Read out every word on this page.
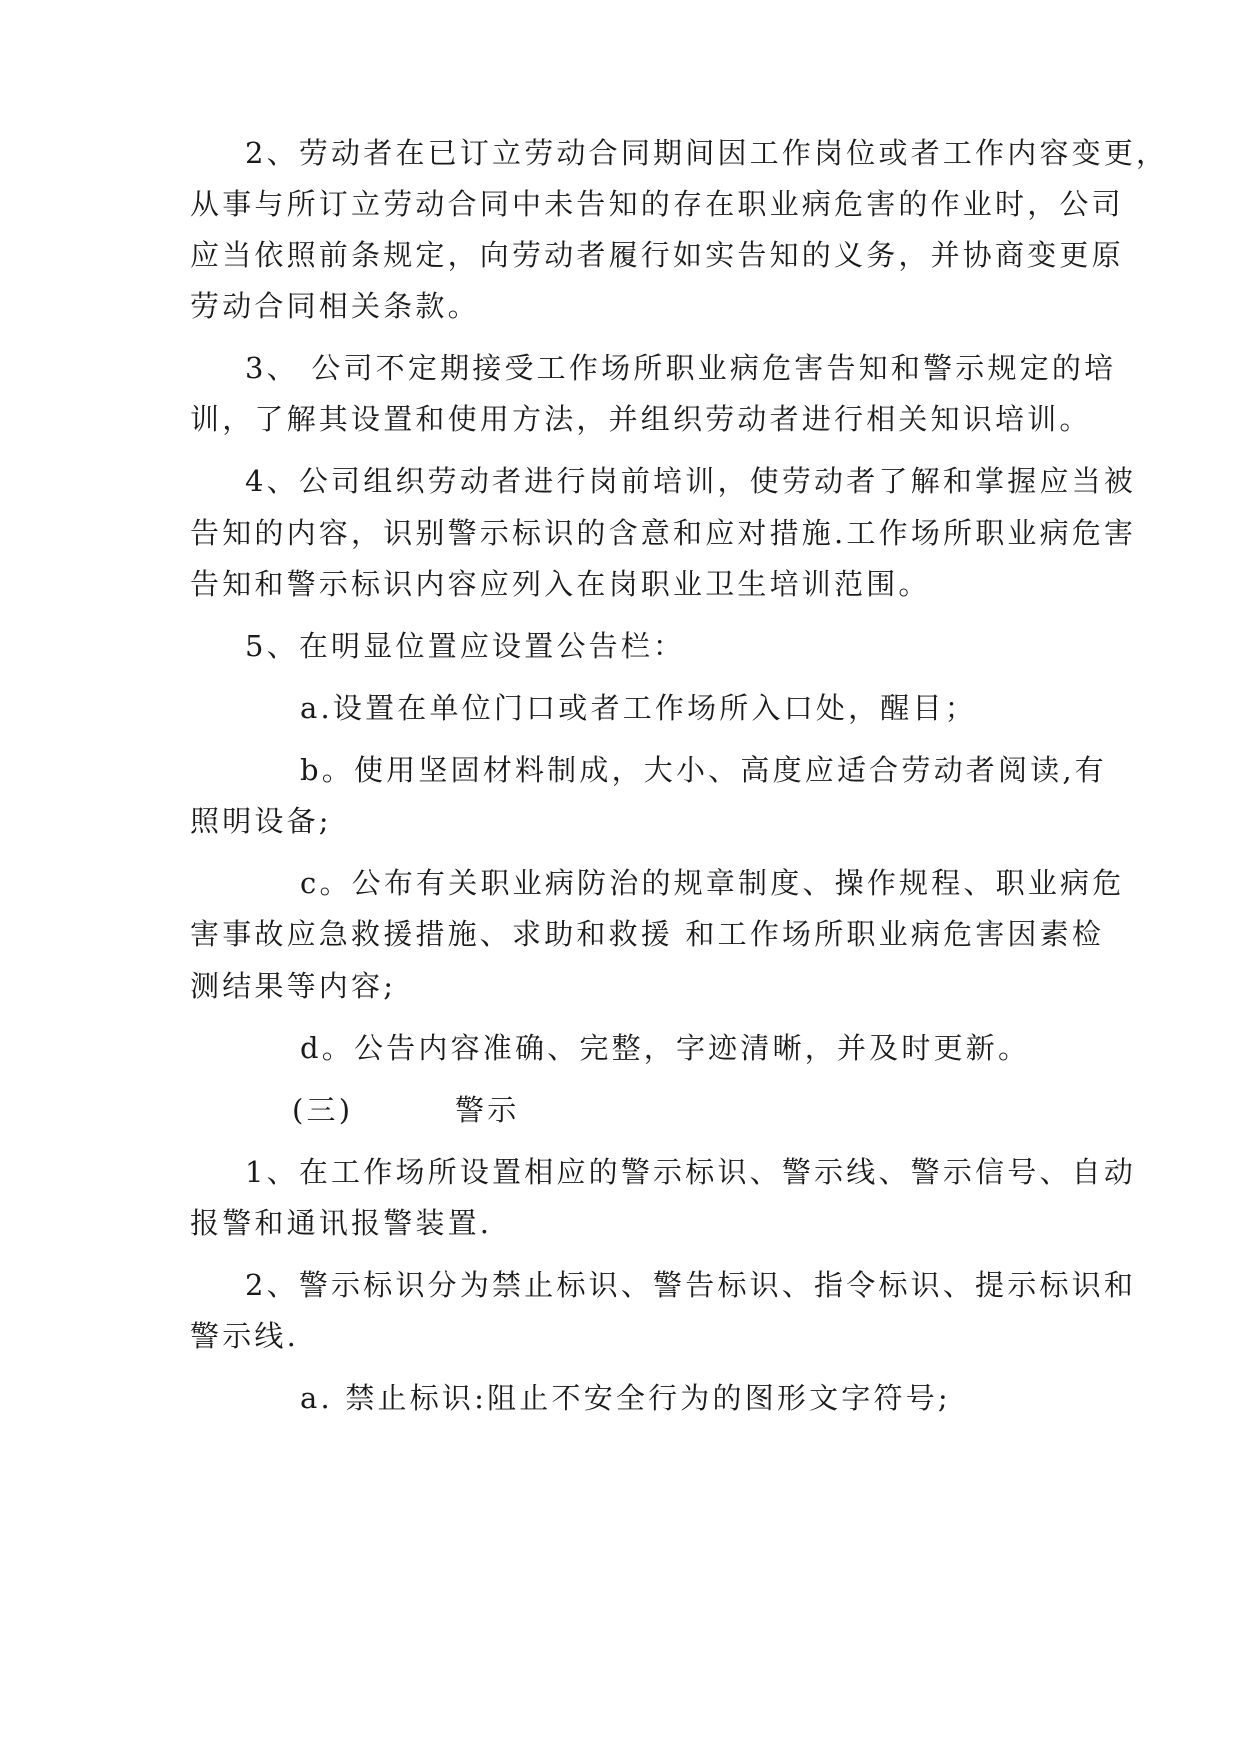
2、劳动者在已订立劳动合同期间因工作岗位或者工作内容变更，
从事与所订立劳动合同中未告知的存在职业病危害的作业时，公司
应当依照前条规定，向劳动者履行如实告知的义务，并协商变更原
劳动合同相关条款。
3、 公司不定期接受工作场所职业病危害告知和警示规定的培
训，了解其设置和使用方法，并组织劳动者进行相关知识培训。
4、公司组织劳动者进行岗前培训，使劳动者了解和掌握应当被
告知的内容，识别警示标识的含意和应对措施.工作场所职业病危害
告知和警示标识内容应列入在岗职业卫生培训范围。
5、在明显位置应设置公告栏：
a.设置在单位门口或者工作场所入口处，醒目；
b。使用坚固材料制成，大小、高度应适合劳动者阅读,有
照明设备;
c。公布有关职业病防治的规章制度、操作规程、职业病危
害事故应急救援措施、求助和救援 和工作场所职业病危害因素检
测结果等内容;
d。公告内容准确、完整，字迹清晰，并及时更新。
(三)	警示
1、在工作场所设置相应的警示标识、警示线、警示信号、自动
报警和通讯报警装置.
2、警示标识分为禁止标识、警告标识、指令标识、提示标识和
警示线.
a. 禁止标识:阻止不安全行为的图形文字符号;
